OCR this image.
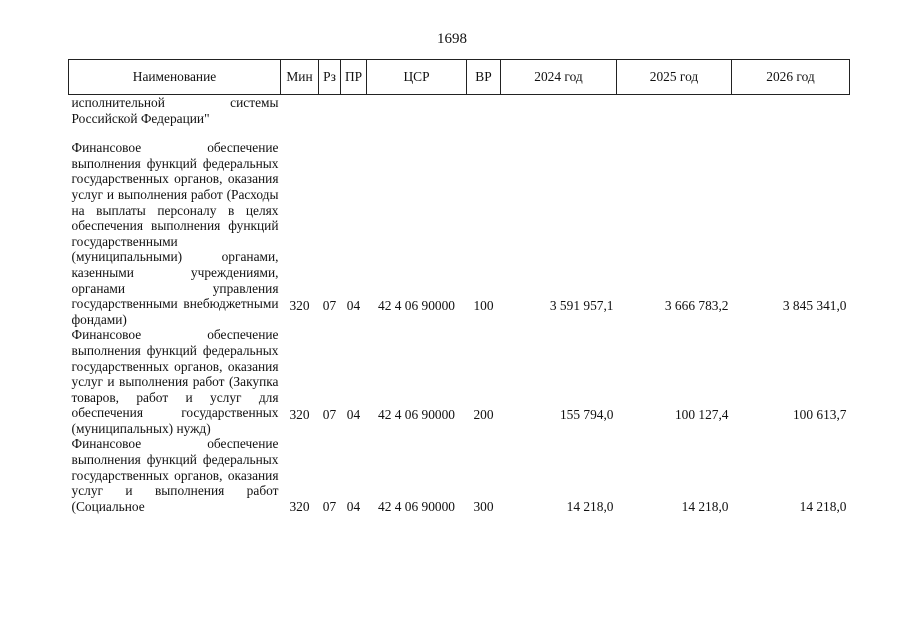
1698
Наименование	Мин	Рз	ПР	ЦСР	ВР	2024 год	2025 год	2026 год
исполнительной системы Российской Федерации"								
Финансовое обеспечение выполнения функций федеральных государственных органов, оказания услуг и выполнения работ (Расходы на выплаты персоналу в целях обеспечения выполнения функций государственными (муниципальными) органами, казенными учреждениями, органами управления государственными внебюджетными фондами)	320	07	04	42 4 06 90000	100	3 591 957,1	3 666 783,2	3 845 341,0
Финансовое обеспечение выполнения функций федеральных государственных органов, оказания услуг и выполнения работ (Закупка товаров, работ и услуг для обеспечения государственных (муниципальных) нужд)	320	07	04	42 4 06 90000	200	155 794,0	100 127,4	100 613,7
Финансовое обеспечение выполнения функций федеральных государственных органов, оказания услуг и выполнения работ (Социальное	320	07	04	42 4 06 90000	300	14 218,0	14 218,0	14 218,0
